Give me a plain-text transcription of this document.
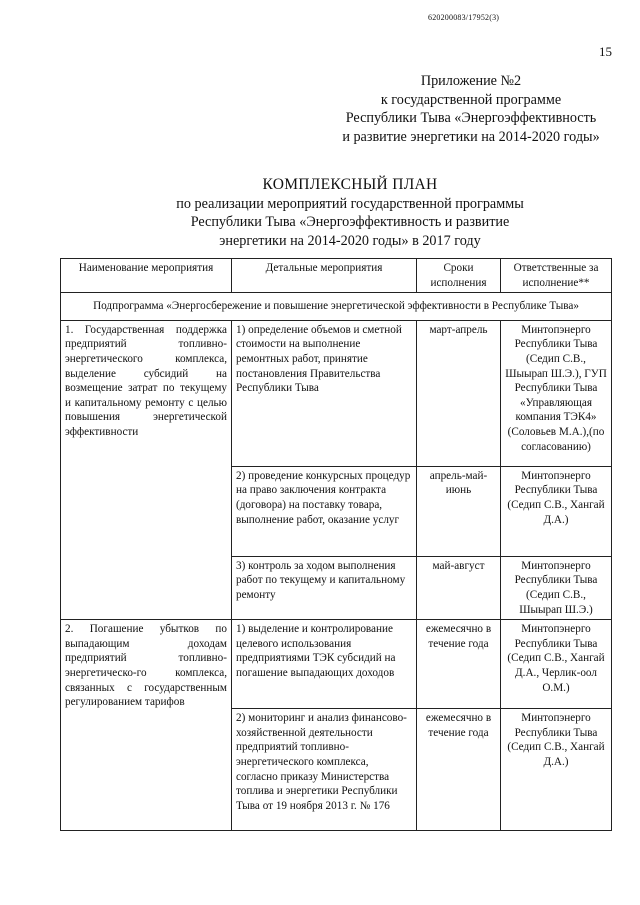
620200083/17952(3)
15
Приложение №2
к государственной программе
Республики Тыва «Энергоэффективность
и развитие энергетики на 2014-2020 годы»
КОМПЛЕКСНЫЙ ПЛАН
по реализации мероприятий государственной программы
Республики Тыва «Энергоэффективность и развитие
энергетики на 2014-2020 годы» в 2017 году
Наименование мероприятия	Детальные мероприятия	Сроки исполнения	Ответственные за исполнение**
Подпрограмма «Энергосбережение и повышение энергетической эффективности в Республике Тыва»			
1. Государственная поддержка предприятий топливно-энергетического комплекса, выделение субсидий на возмещение затрат по текущему и капитальному ремонту с целью повышения энергетической эффективности	1) определение объемов и сметной стоимости на выполнение ремонтных работ, принятие постановления Правительства Республики Тыва	март-апрель	Минтопэнерго Республики Тыва (Седип С.В., Шыырап Ш.Э.), ГУП Республики Тыва «Управляющая компания ТЭК4» (Соловьев М.А.),(по согласованию)
	2) проведение конкурсных процедур на право заключения контракта (договора) на поставку товара, выполнение работ, оказание услуг	апрель-май-июнь	Минтопэнерго Республики Тыва (Седип С.В., Хангай Д.А.)
	3) контроль за ходом выполнения работ по текущему и капитальному ремонту	май-август	Минтопэнерго Республики Тыва (Седип С.В., Шыырап Ш.Э.)
2. Погашение убытков по выпадающим доходам предприятий топливно-энергетическо-го комплекса, связанных с государственным регулированием тарифов	1) выделение и контролирование целевого использования предприятиями ТЭК субсидий на погашение выпадающих доходов	ежемесячно в течение года	Минтопэнерго Республики Тыва (Седип С.В., Хангай Д.А., Черлик-оол О.М.)
	2) мониторинг и анализ финансово-хозяйственной деятельности предприятий топливно-энергетического комплекса, согласно приказу Министерства топлива и энергетики Республики Тыва от 19 ноября 2013 г. № 176	ежемесячно в течение года	Минтопэнерго Республики Тыва (Седип С.В., Хангай Д.А.)
